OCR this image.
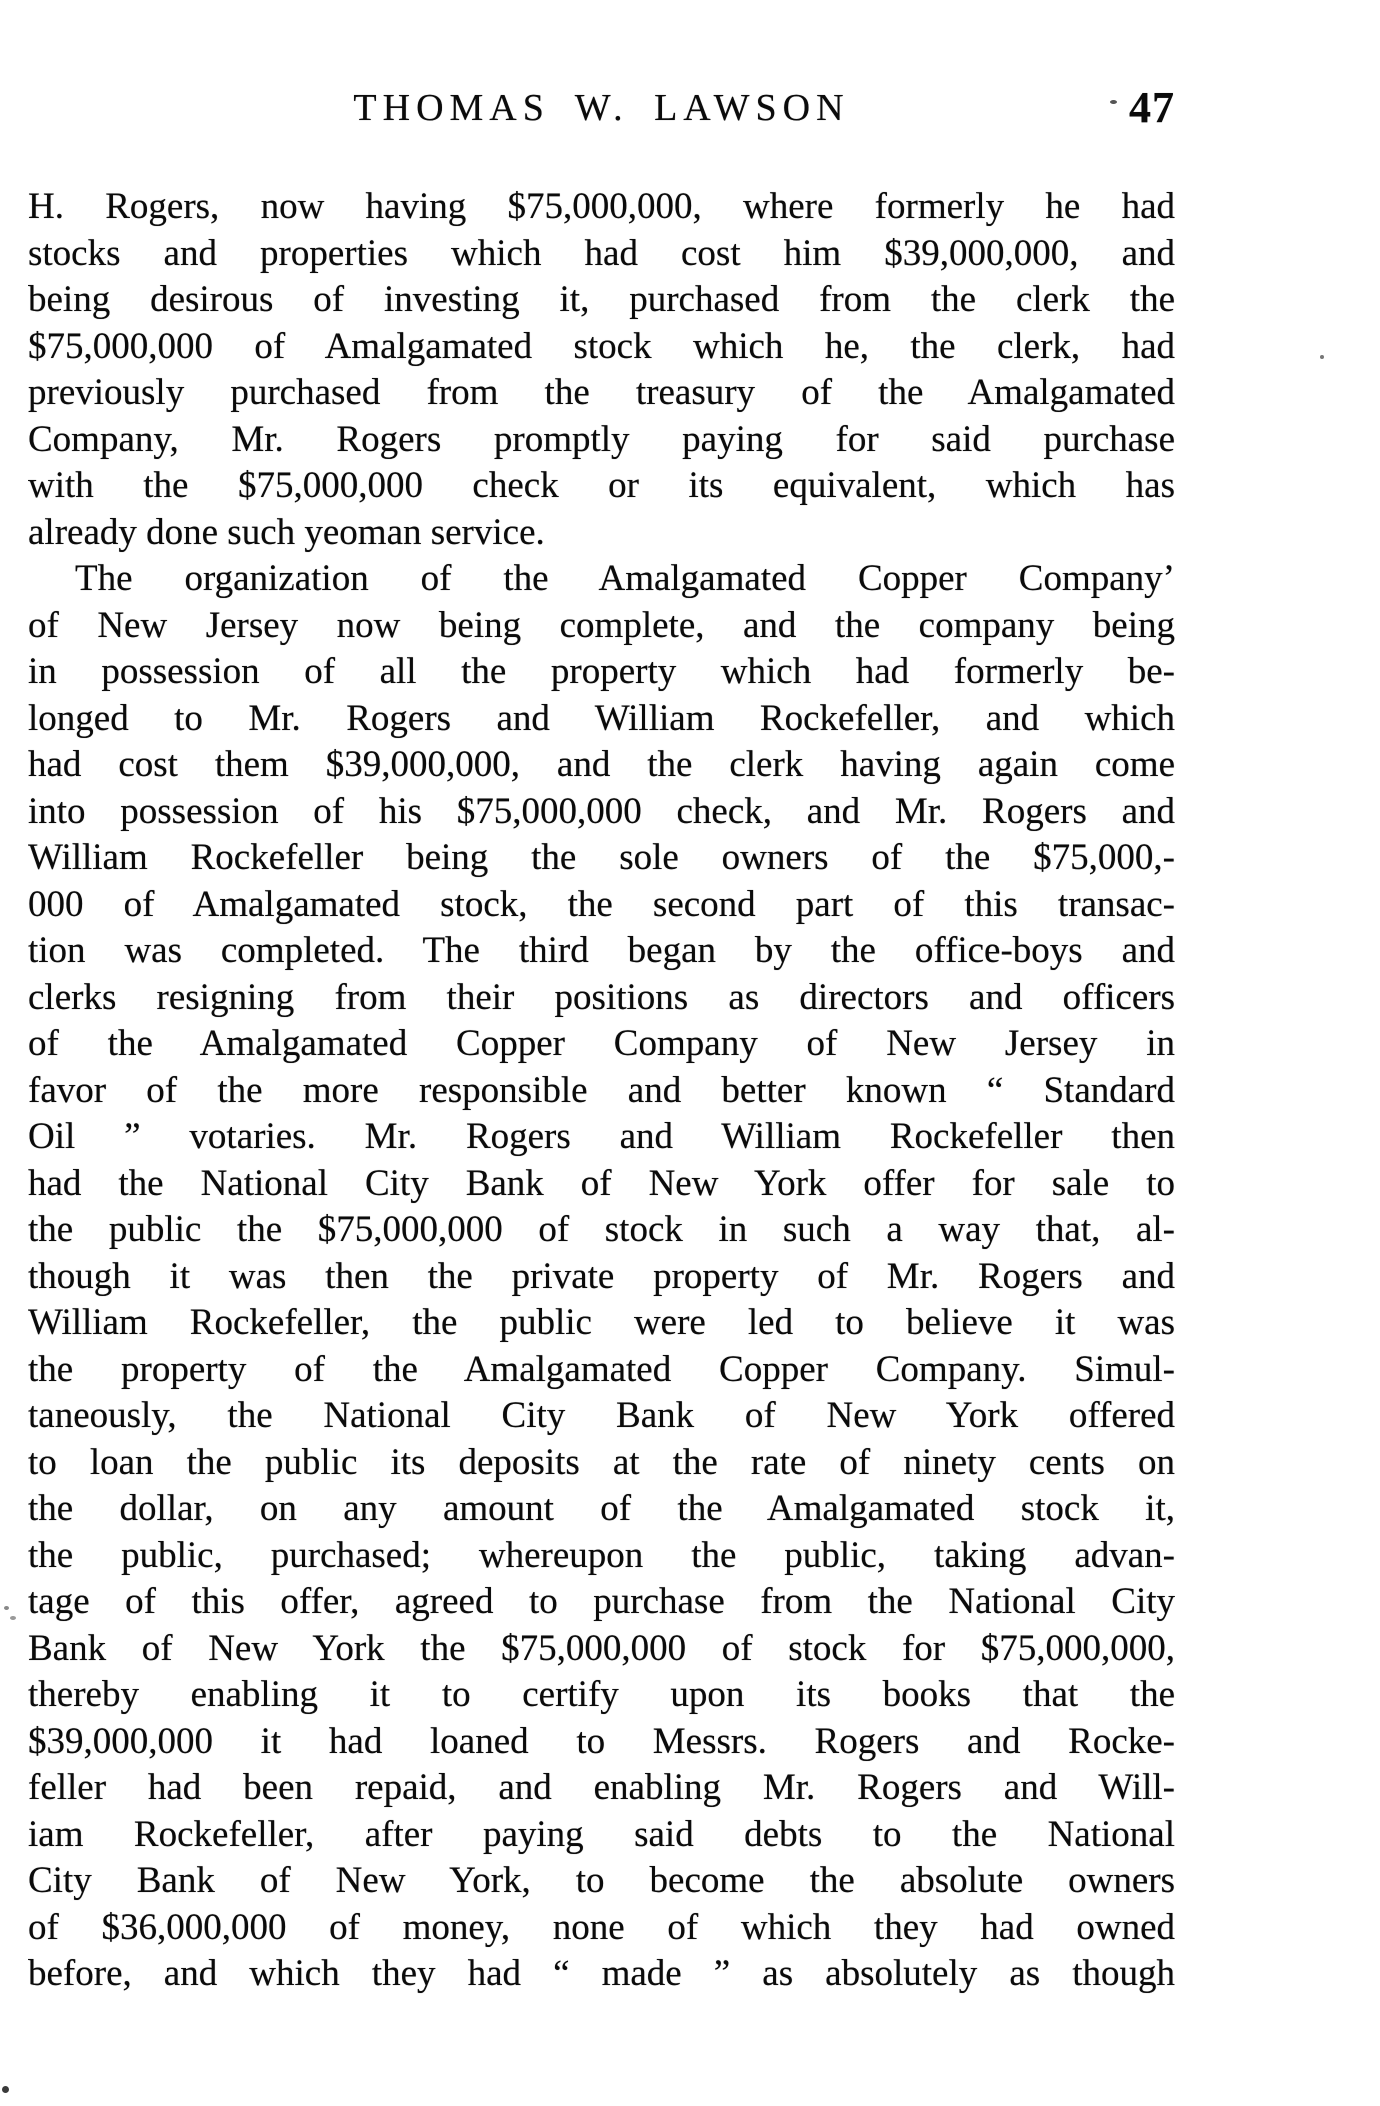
THOMAS W. LAWSON	47
H. Rogers, now having $75,000,000, where formerly he had
stocks and properties which had cost him $39,000,000, and
being desirous of investing it, purchased from the clerk the
$75,000,000 of Amalgamated stock which he, the clerk, had
previously purchased from the treasury of the Amalgamated
Company, Mr. Rogers promptly paying for said purchase
with the $75,000,000 check or its equivalent, which has
already done such yeoman service.
The organization of the Amalgamated Copper Company’
of New Jersey now being complete, and the company being
in possession of all the property which had formerly be-
longed to Mr. Rogers and William Rockefeller, and which
had cost them $39,000,000, and the clerk having again come
into possession of his $75,000,000 check, and Mr. Rogers and
William Rockefeller being the sole owners of the $75,000,-
000 of Amalgamated stock, the second part of this transac-
tion was completed. The third began by the office-boys and
clerks resigning from their positions as directors and officers
of the Amalgamated Copper Company of New Jersey in
favor of the more responsible and better known “ Standard
Oil ” votaries. Mr. Rogers and William Rockefeller then
had the National City Bank of New York offer for sale to
the public the $75,000,000 of stock in such a way that, al-
though it was then the private property of Mr. Rogers and
William Rockefeller, the public were led to believe it was
the property of the Amalgamated Copper Company. Simul-
taneously, the National City Bank of New York offered
to loan the public its deposits at the rate of ninety cents on
the dollar, on any amount of the Amalgamated stock it,
the public, purchased; whereupon the public, taking advan-
tage of this offer, agreed to purchase from the National City
Bank of New York the $75,000,000 of stock for $75,000,000,
thereby enabling it to certify upon its books that the
$39,000,000 it had loaned to Messrs. Rogers and Rocke-
feller had been repaid, and enabling Mr. Rogers and Will-
iam Rockefeller, after paying said debts to the National
City Bank of New York, to become the absolute owners
of $36,000,000 of money, none of which they had owned
before, and which they had “ made ” as absolutely as though
